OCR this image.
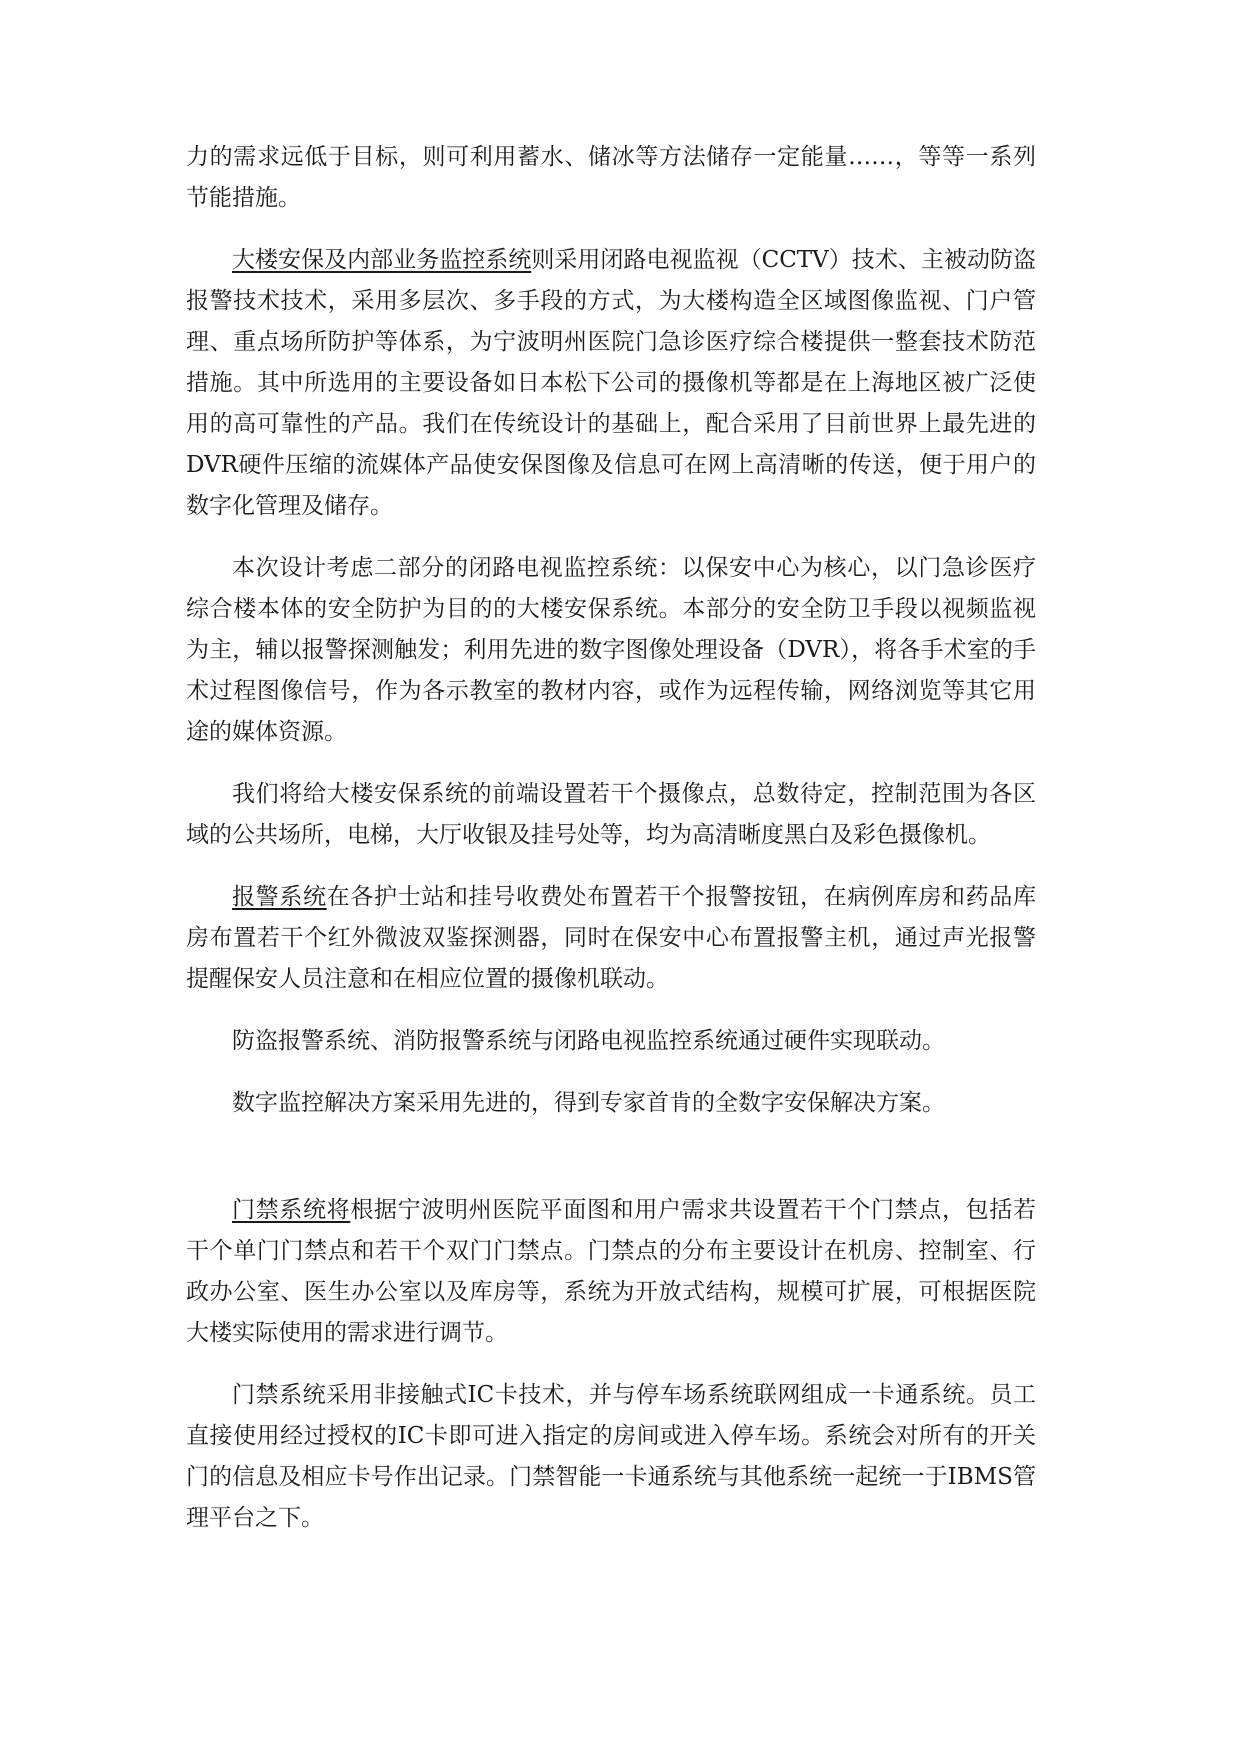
力的需求远低于目标，则可利用蓄水、储冰等方法储存一定能量……，等等一系列节能措施。

大楼安保及内部业务监控系统则采用闭路电视监视（CCTV）技术、主被动防盗报警技术技术，采用多层次、多手段的方式，为大楼构造全区域图像监视、门户管理、重点场所防护等体系，为宁波明州医院门急诊医疗综合楼提供一整套技术防范措施。其中所选用的主要设备如日本松下公司的摄像机等都是在上海地区被广泛使用的高可靠性的产品。我们在传统设计的基础上，配合采用了目前世界上最先进的DVR硬件压缩的流媒体产品使安保图像及信息可在网上高清晰的传送，便于用户的数字化管理及储存。

本次设计考虑二部分的闭路电视监控系统：以保安中心为核心，以门急诊医疗综合楼本体的安全防护为目的的大楼安保系统。本部分的安全防卫手段以视频监视为主，辅以报警探测触发；利用先进的数字图像处理设备（DVR），将各手术室的手术过程图像信号，作为各示教室的教材内容，或作为远程传输，网络浏览等其它用途的媒体资源。

我们将给大楼安保系统的前端设置若干个摄像点，总数待定，控制范围为各区域的公共场所，电梯，大厅收银及挂号处等，均为高清晰度黑白及彩色摄像机。

报警系统在各护士站和挂号收费处布置若干个报警按钮，在病例库房和药品库房布置若干个红外微波双鉴探测器，同时在保安中心布置报警主机，通过声光报警提醒保安人员注意和在相应位置的摄像机联动。

防盗报警系统、消防报警系统与闭路电视监控系统通过硬件实现联动。

数字监控解决方案采用先进的，得到专家首肯的全数字安保解决方案。

门禁系统将根据宁波明州医院平面图和用户需求共设置若干个门禁点，包括若干个单门门禁点和若干个双门门禁点。门禁点的分布主要设计在机房、控制室、行政办公室、医生办公室以及库房等，系统为开放式结构，规模可扩展，可根据医院大楼实际使用的需求进行调节。

门禁系统采用非接触式IC卡技术，并与停车场系统联网组成一卡通系统。员工直接使用经过授权的IC卡即可进入指定的房间或进入停车场。系统会对所有的开关门的信息及相应卡号作出记录。门禁智能一卡通系统与其他系统一起统一于IBMS管理平台之下。
